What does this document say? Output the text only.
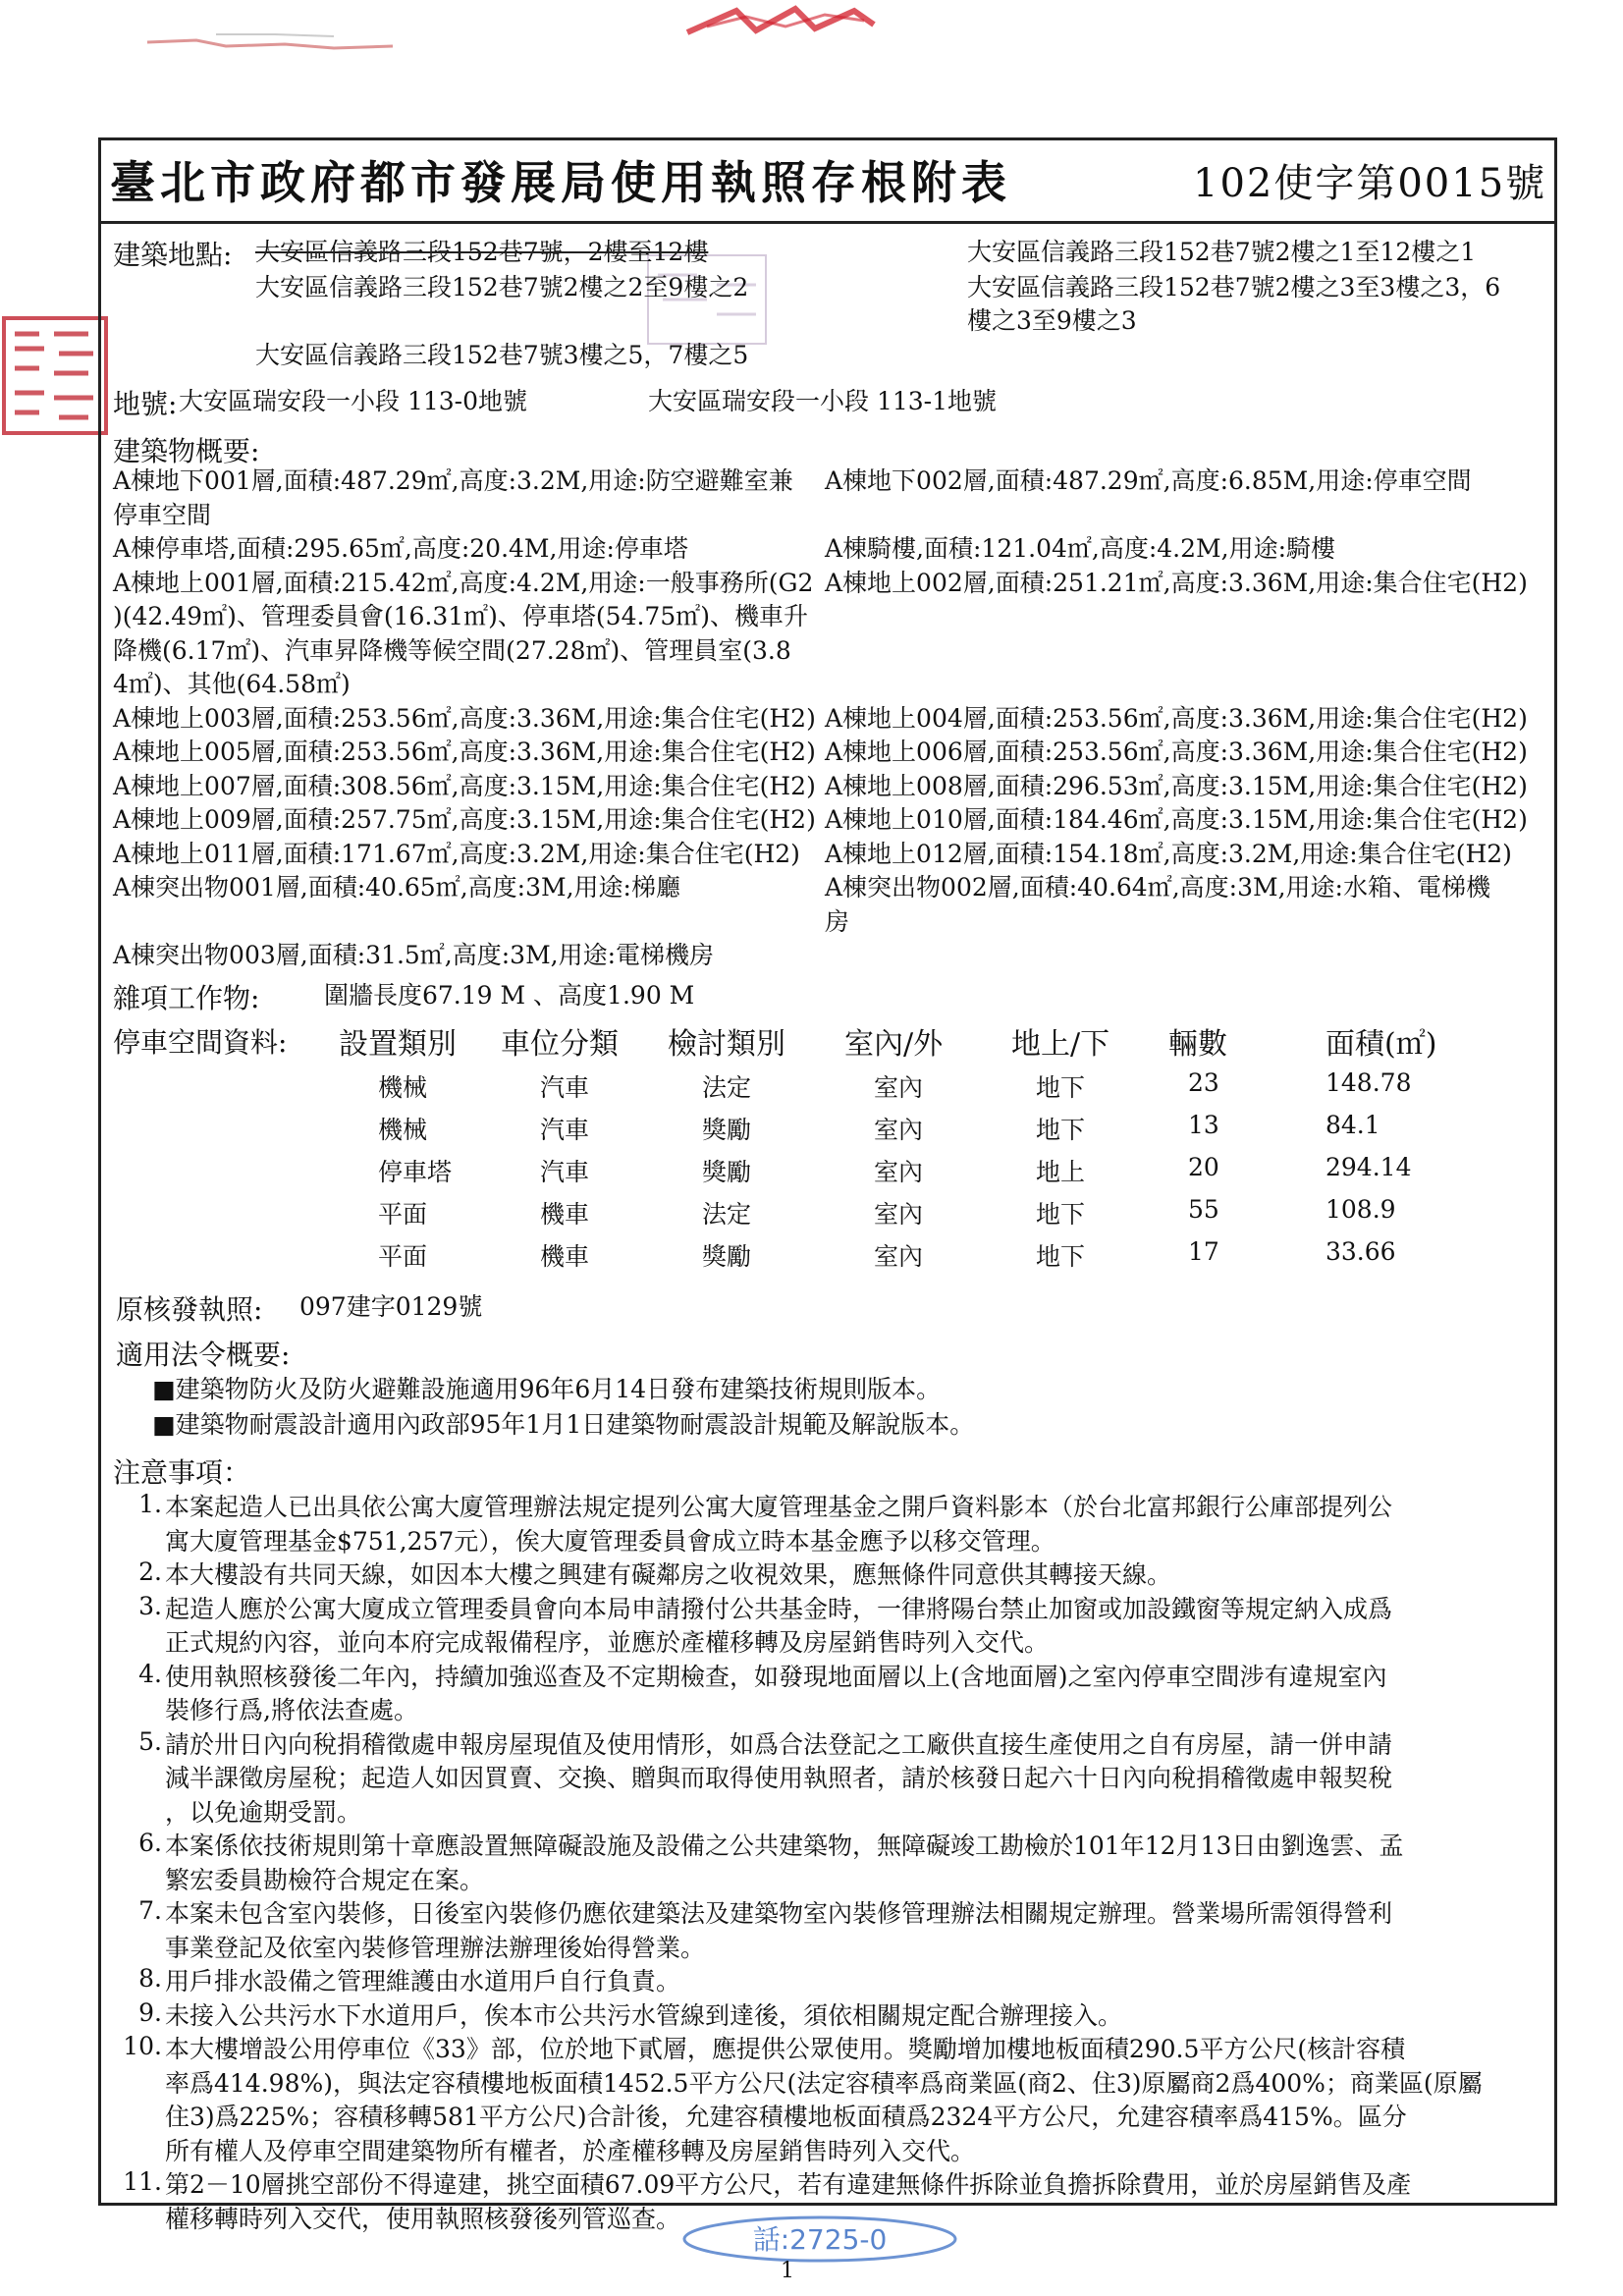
臺北市政府都市發展局使用執照存根附表	102使字第0015號
建築地點: 大安區信義路三段152巷7號，2樓至12樓
大安區信義路三段152巷7號2樓之2至9樓之2
大安區信義路三段152巷7號3樓之5，7樓之5
大安區信義路三段152巷7號2樓之1至12樓之1
大安區信義路三段152巷7號2樓之3至3樓之3，6
樓之3至9樓之3
地號: 大安區瑞安段一小段 113-0地號	大安區瑞安段一小段 113-1地號
建築物概要:
A棟地下001層,面積:487.29㎡,高度:3.2M,用途:防空避難室兼 A棟地下002層,面積:487.29㎡,高度:6.85M,用途:停車空間
停車空間
A棟停車塔,面積:295.65㎡,高度:20.4M,用途:停車塔	A棟騎樓,面積:121.04㎡,高度:4.2M,用途:騎樓
A棟地上001層,面積:215.42㎡,高度:4.2M,用途:一般事務所(G2 A棟地上002層,面積:251.21㎡,高度:3.36M,用途:集合住宅(H2)
)(42.49㎡)、管理委員會(16.31㎡)、停車塔(54.75㎡)、機車升
降機(6.17㎡)、汽車昇降機等候空間(27.28㎡)、管理員室(3.8
4㎡)、其他(64.58㎡)
A棟地上003層,面積:253.56㎡,高度:3.36M,用途:集合住宅(H2) A棟地上004層,面積:253.56㎡,高度:3.36M,用途:集合住宅(H2)
A棟地上005層,面積:253.56㎡,高度:3.36M,用途:集合住宅(H2) A棟地上006層,面積:253.56㎡,高度:3.36M,用途:集合住宅(H2)
A棟地上007層,面積:308.56㎡,高度:3.15M,用途:集合住宅(H2) A棟地上008層,面積:296.53㎡,高度:3.15M,用途:集合住宅(H2)
A棟地上009層,面積:257.75㎡,高度:3.15M,用途:集合住宅(H2) A棟地上010層,面積:184.46㎡,高度:3.15M,用途:集合住宅(H2)
A棟地上011層,面積:171.67㎡,高度:3.2M,用途:集合住宅(H2) A棟地上012層,面積:154.18㎡,高度:3.2M,用途:集合住宅(H2)
A棟突出物001層,面積:40.65㎡,高度:3M,用途:梯廳	A棟突出物002層,面積:40.64㎡,高度:3M,用途:水箱、電梯機
房
A棟突出物003層,面積:31.5㎡,高度:3M,用途:電梯機房
雜項工作物:	圍牆長度67.19 M 、高度1.90 M
停車空間資料: 設置類別 車位分類 檢討類別 室內/外 地上/下 輛數	面積(㎡)
機械	汽車	法定	室內	地下	23	148.78
機械	汽車	獎勵	室內	地下	13	84.1
停車塔	汽車	獎勵	室內	地上	20	294.14
平面	機車	法定	室內	地下	55	108.9
平面	機車	獎勵	室內	地下	17	33.66
原核發執照: 097建字0129號
適用法令概要:
■建築物防火及防火避難設施適用96年6月14日發布建築技術規則版本。
■建築物耐震設計適用內政部95年1月1日建築物耐震設計規範及解說版本。
注意事項：
1. 本案起造人已出具依公寓大廈管理辦法規定提列公寓大廈管理基金之開戶資料影本（於台北富邦銀行公庫部提列公
寓大廈管理基金$751,257元），俟大廈管理委員會成立時本基金應予以移交管理。
2. 本大樓設有共同天線，如因本大樓之興建有礙鄰房之收視效果，應無條件同意供其轉接天線。
3. 起造人應於公寓大廈成立管理委員會向本局申請撥付公共基金時，一律將陽台禁止加窗或加設鐵窗等規定納入成爲
正式規約內容，並向本府完成報備程序，並應於產權移轉及房屋銷售時列入交代。
4. 使用執照核發後二年內，持續加強巡查及不定期檢查，如發現地面層以上(含地面層)之室內停車空間涉有違規室內
裝修行爲,將依法查處。
5. 請於卅日內向稅捐稽徵處申報房屋現值及使用情形，如爲合法登記之工廠供直接生產使用之自有房屋，請一併申請
減半課徵房屋稅；起造人如因買賣、交換、贈與而取得使用執照者，請於核發日起六十日內向稅捐稽徵處申報契稅
，以免逾期受罰。
6. 本案係依技術規則第十章應設置無障礙設施及設備之公共建築物，無障礙竣工勘檢於101年12月13日由劉逸雲、孟
繁宏委員勘檢符合規定在案。
7. 本案未包含室內裝修，日後室內裝修仍應依建築法及建築物室內裝修管理辦法相關規定辦理。營業場所需領得營利
事業登記及依室內裝修管理辦法辦理後始得營業。
8. 用戶排水設備之管理維護由水道用戶自行負責。
9. 未接入公共污水下水道用戶，俟本市公共污水管線到達後，須依相關規定配合辦理接入。
10. 本大樓增設公用停車位《33》部，位於地下貳層，應提供公眾使用。獎勵增加樓地板面積290.5平方公尺(核計容積
率爲414.98%)，與法定容積樓地板面積1452.5平方公尺(法定容積率爲商業區(商2、住3)原屬商2爲400%；商業區(原屬
住3)爲225%；容積移轉581平方公尺)合計後，允建容積樓地板面積爲2324平方公尺，允建容積率爲415%。區分
所有權人及停車空間建築物所有權者，於產權移轉及房屋銷售時列入交代。
11. 第2－10層挑空部份不得違建，挑空面積67.09平方公尺，若有違建無條件拆除並負擔拆除費用，並於房屋銷售及產
權移轉時列入交代，使用執照核發後列管巡查。
話:2725-0
1
